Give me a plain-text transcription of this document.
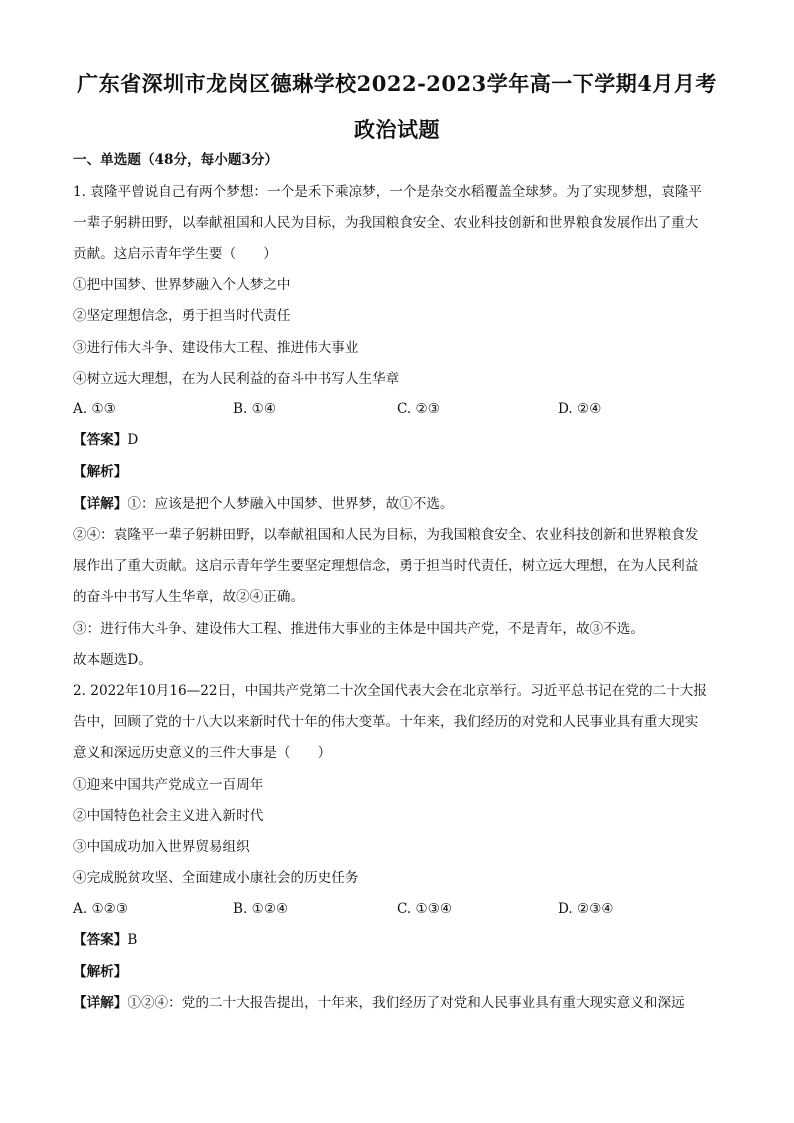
广东省深圳市龙岗区德琳学校2022-2023学年高一下学期4月月考
政治试题
一、单选题（48分，每小题3分）
1. 袁隆平曾说自己有两个梦想：一个是禾下乘凉梦，一个是杂交水稻覆盖全球梦。为了实现梦想，袁隆平
一辈子躬耕田野，以奉献祖国和人民为目标，为我国粮食安全、农业科技创新和世界粮食发展作出了重大
贡献。这启示青年学生要（　　）
①把中国梦、世界梦融入个人梦之中
②坚定理想信念，勇于担当时代责任
③进行伟大斗争、建设伟大工程、推进伟大事业
④树立远大理想，在为人民利益的奋斗中书写人生华章
A. ①③	B. ①④	C. ②③	D. ②④
【答案】D
【解析】
【详解】①：应该是把个人梦融入中国梦、世界梦，故①不选。
②④：袁隆平一辈子躬耕田野，以奉献祖国和人民为目标，为我国粮食安全、农业科技创新和世界粮食发
展作出了重大贡献。这启示青年学生要坚定理想信念，勇于担当时代责任，树立远大理想，在为人民利益
的奋斗中书写人生华章，故②④正确。
③：进行伟大斗争、建设伟大工程、推进伟大事业的主体是中国共产党，不是青年，故③不选。
故本题选D。
2. 2022年10月16—22日，中国共产党第二十次全国代表大会在北京举行。习近平总书记在党的二十大报
告中，回顾了党的十八大以来新时代十年的伟大变革。十年来，我们经历的对党和人民事业具有重大现实
意义和深远历史意义的三件大事是（　　）
①迎来中国共产党成立一百周年
②中国特色社会主义进入新时代
③中国成功加入世界贸易组织
④完成脱贫攻坚、全面建成小康社会的历史任务
A. ①②③	B. ①②④	C. ①③④	D. ②③④
【答案】B
【解析】
【详解】①②④：党的二十大报告提出，十年来，我们经历了对党和人民事业具有重大现实意义和深远
